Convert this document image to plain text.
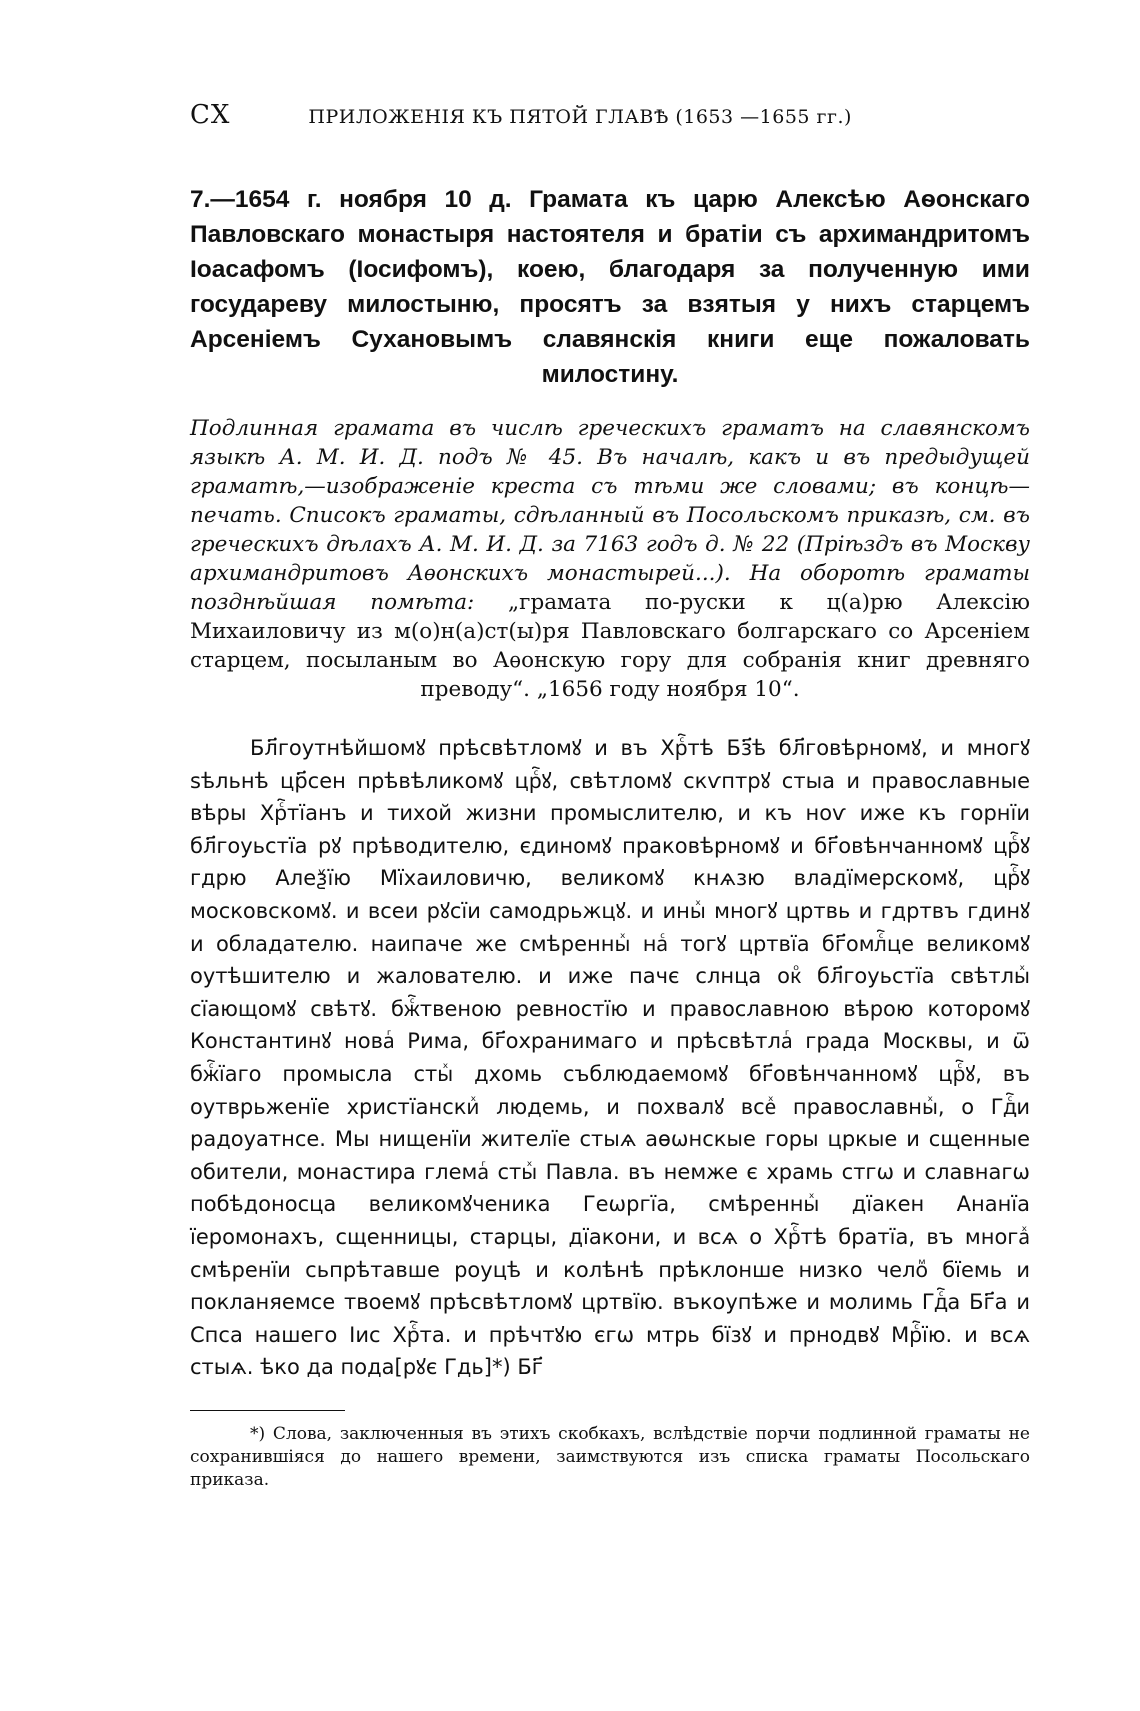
CX	ПРИЛОЖЕНІЯ КЪ ПЯТОЙ ГЛАВѢ (1653 —1655 гг.)

7.—1654 г. ноября 10 д. Грамата къ царю Алексѣю Аѳонскаго Павловскаго монастыря настоятеля и братіи съ архимандритомъ Іоасафомъ (Іосифомъ), коею, благодаря за полученную ими государеву милостыню, просятъ за взятыя у нихъ старцемъ Арсеніемъ Сухановымъ славянскія книги еще пожаловать милостину.

Подлинная грамата въ числѣ греческихъ граматъ на славянскомъ языкѣ А. М. И. Д. подъ № 45. Въ началѣ, какъ и въ предыдущей граматѣ,—изображеніе креста съ тѣми же словами; въ концѣ—печать. Списокъ граматы, сдѣланный въ Посольскомъ приказѣ, см. въ греческихъ дѣлахъ А. М. И. Д. за 7163 годъ д. № 22 (Пріѣздъ въ Москву архимандритовъ Аѳонскихъ монастырей...). На оборотѣ граматы позднѣйшая помѣта: „грамата по-руски к ц(а)рю Алексію Михаиловичу из м(о)н(а)ст(ы)ря Павловскаго болгарскаго со Арсеніем старцем, посыланым во Аѳонскую гору для собранія книг древняго преводу“. „1656 году ноября 10“.

Бл҃гоутнѣйшомꙋ прѣсвѣтломꙋ и въ Хрⷭ҇тѣ Бз҃ѣ бл҃говѣрномꙋ, и многꙋ ѕѣльнѣ цр҃сен прѣвѣликомꙋ црⷭ҇ꙋ, свѣтломꙋ скѵптрꙋ стыа и православные вѣры Хрⷭ҇тїанъ и тихой жизни промыслителю, и къ ноѵ иже къ горнїи бл҃гоуьстїа рꙋ прѣводителю, єдиномꙋ праковѣрномꙋ и бг҃овѣнчанномꙋ црⷭ҇ꙋ гдрю Алеѯїю Мїхаиловичю, великомꙋ кнѧзю владїмерскомꙋ, црⷭ҇ꙋ московскомꙋ. и всеи рꙋсїи самодрьжцꙋ. и иныⷯ многꙋ цртвь и гдртвъ гдинꙋ и обладателю. наипаче же смѣренныⷯ наⷭ тогꙋ цртвїа бг҃омлⷭ҇це великомꙋ оутѣшителю и жалователю. и иже пачє слнца окⷪ бл҃гоуьстїа свѣтлыⷯ сїающомꙋ свѣтꙋ. бжⷭ҇твеною ревностїю и православною вѣрою которомꙋ Константинꙋ новаⷢ Рима, бг҃охранимаго и прѣсвѣтлаⷢ града Москвы, и ѿ бжⷭ҇їаго промысла стыⷯ дхомь съблюдаемомꙋ бг҃овѣнчанномꙋ црⷭ҇ꙋ, въ оутврьженїе христїанскиⷯ людемь, и похвалꙋ всеⷯ православныⷯ, о Гдⷭ҇и радоуатнсе. Мы нищенїи жителїе стыѧ аѳѡнскые горы цркые и сщенные обители, монастира глемаⷢ стыⷯ Павла. въ немже є храмь стгѡ и славнагѡ побѣдоносца великомꙋченика Геѡргїа, смѣренныⷯ дїакен Ананїа їеромонахъ, сщенницы, старцы, дїакони, и всѧ о Хрⷭ҇тѣ братїа, въ многаⷯ смѣренїи сьпрѣтавше роуцѣ и колѣнѣ прѣклонше низко челоⷨ бїемь и покланяемсе твоемꙋ прѣсвѣтломꙋ цртвїю. въкоупѣже и молимь Гдⷭ҇а Бг҃а и Спса нашего Іис Хрⷭ҇та. и прѣчтꙋю єгѡ мтрь бїзꙋ и прнодвꙋ Мрⷭ҇їю. и всѧ стыѧ. ѣко да пода[рꙋє Гдь]*) Бг҃

*) Слова, заключенныя въ этихъ скобкахъ, вслѣдствіе порчи подлинной граматы не сохранившіяся до нашего времени, заимствуются изъ списка граматы Посольскаго приказа.
